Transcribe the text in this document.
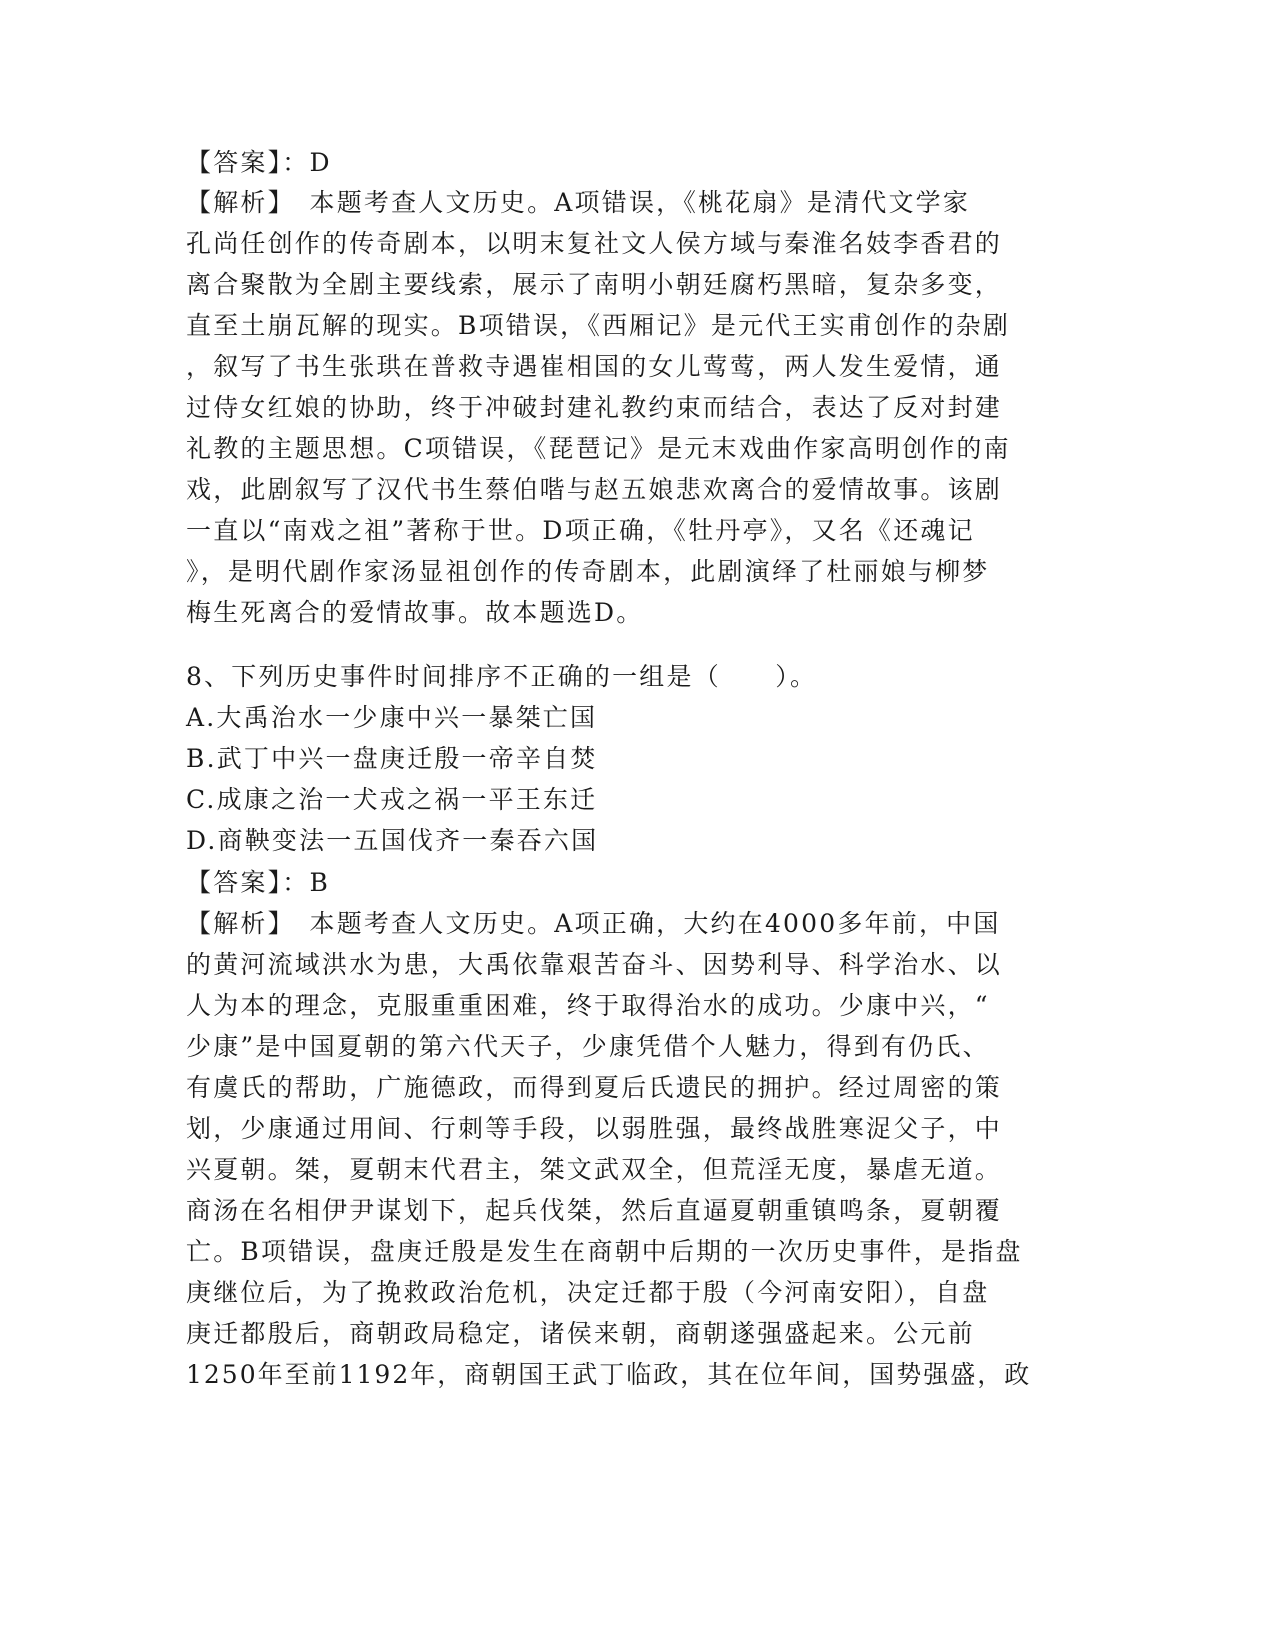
【答案】：D
【解析】　本题考查人文历史。A项错误，《桃花扇》是清代文学家
孔尚任创作的传奇剧本，以明末复社文人侯方域与秦淮名妓李香君的
离合聚散为全剧主要线索，展示了南明小朝廷腐朽黑暗，复杂多变，
直至土崩瓦解的现实。B项错误，《西厢记》是元代王实甫创作的杂剧
，叙写了书生张珙在普救寺遇崔相国的女儿莺莺，两人发生爱情，通
过侍女红娘的协助，终于冲破封建礼教约束而结合，表达了反对封建
礼教的主题思想。C项错误，《琵琶记》是元末戏曲作家高明创作的南
戏，此剧叙写了汉代书生蔡伯喈与赵五娘悲欢离合的爱情故事。该剧
一直以“南戏之祖”著称于世。D项正确，《牡丹亭》，又名《还魂记
》，是明代剧作家汤显祖创作的传奇剧本，此剧演绎了杜丽娘与柳梦
梅生死离合的爱情故事。故本题选D。
8、下列历史事件时间排序不正确的一组是（　　）。
A.大禹治水一少康中兴一暴桀亡国
B.武丁中兴一盘庚迁殷一帝辛自焚
C.成康之治一犬戎之祸一平王东迁
D.商鞅变法一五国伐齐一秦吞六国
【答案】：B
【解析】　本题考查人文历史。A项正确，大约在4000多年前，中国
的黄河流域洪水为患，大禹依靠艰苦奋斗、因势利导、科学治水、以
人为本的理念，克服重重困难，终于取得治水的成功。少康中兴，“
少康”是中国夏朝的第六代天子，少康凭借个人魅力，得到有仍氏、
有虞氏的帮助，广施德政，而得到夏后氏遗民的拥护。经过周密的策
划，少康通过用间、行刺等手段，以弱胜强，最终战胜寒浞父子，中
兴夏朝。桀，夏朝末代君主，桀文武双全，但荒淫无度，暴虐无道。
商汤在名相伊尹谋划下，起兵伐桀，然后直逼夏朝重镇鸣条，夏朝覆
亡。B项错误，盘庚迁殷是发生在商朝中后期的一次历史事件，是指盘
庚继位后，为了挽救政治危机，决定迁都于殷（今河南安阳），自盘
庚迁都殷后，商朝政局稳定，诸侯来朝，商朝遂强盛起来。公元前
1250年至前1192年，商朝国王武丁临政，其在位年间，国势强盛，政
